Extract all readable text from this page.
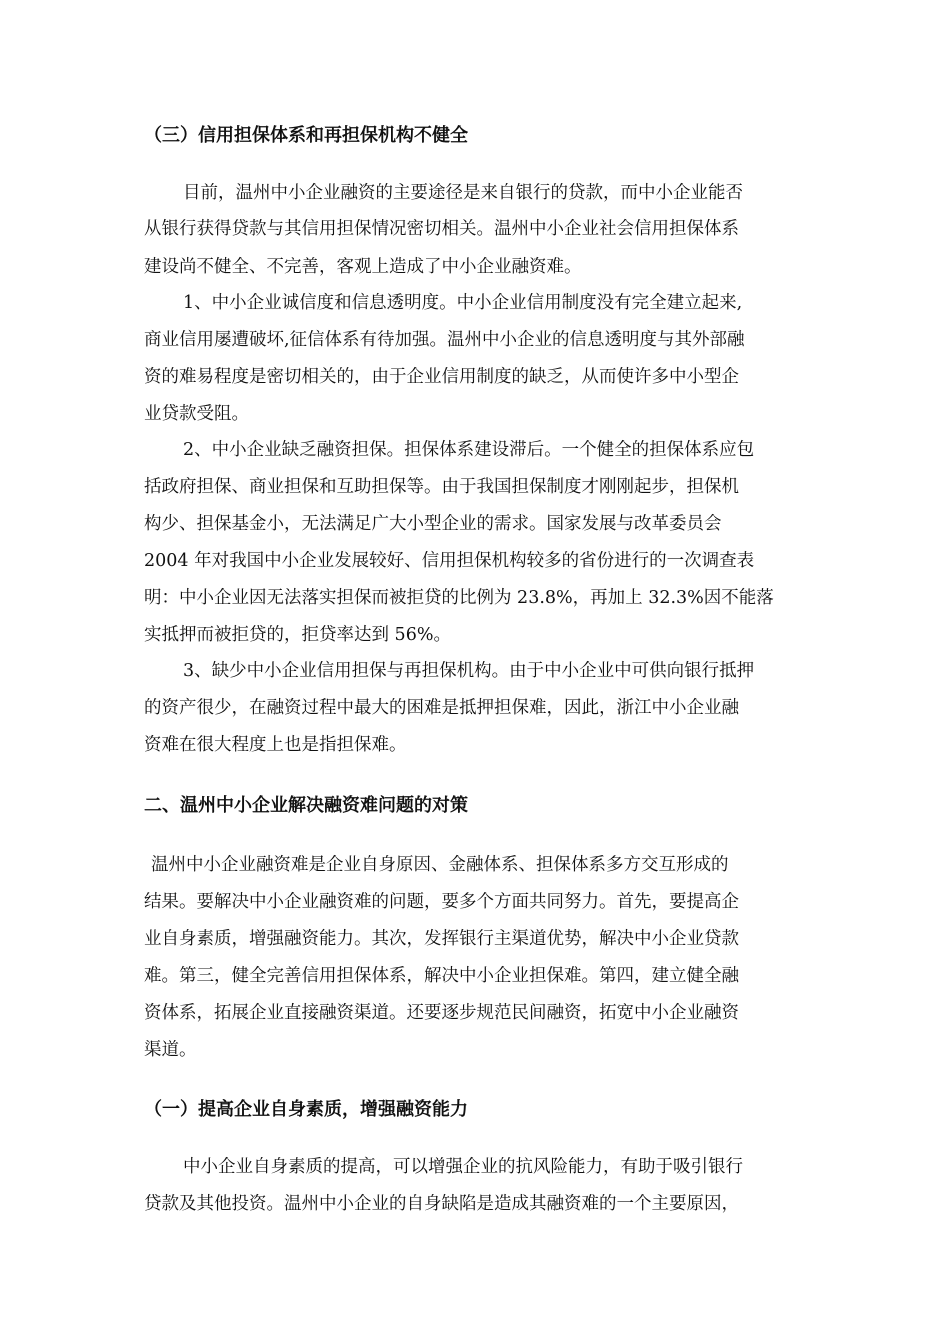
（三）信用担保体系和再担保机构不健全

目前，温州中小企业融资的主要途径是来自银行的贷款，而中小企业能否

从银行获得贷款与其信用担保情况密切相关。温州中小企业社会信用担保体系

建设尚不健全、不完善，客观上造成了中小企业融资难。

1、中小企业诚信度和信息透明度。中小企业信用制度没有完全建立起来,

商业信用屡遭破坏,征信体系有待加强。温州中小企业的信息透明度与其外部融

资的难易程度是密切相关的，由于企业信用制度的缺乏，从而使许多中小型企

业贷款受阻。

2、中小企业缺乏融资担保。担保体系建设滞后。一个健全的担保体系应包

括政府担保、商业担保和互助担保等。由于我国担保制度才刚刚起步，担保机

构少、担保基金小，无法满足广大小型企业的需求。国家发展与改革委员会

2004 年对我国中小企业发展较好、信用担保机构较多的省份进行的一次调查表

明：中小企业因无法落实担保而被拒贷的比例为 23.8%，再加上 32.3%因不能落

实抵押而被拒贷的，拒贷率达到 56%。

3、缺少中小企业信用担保与再担保机构。由于中小企业中可供向银行抵押

的资产很少，在融资过程中最大的困难是抵押担保难，因此，浙江中小企业融

资难在很大程度上也是指担保难。

二、温州中小企业解决融资难问题的对策

温州中小企业融资难是企业自身原因、金融体系、担保体系多方交互形成的

结果。要解决中小企业融资难的问题，要多个方面共同努力。首先，要提高企

业自身素质，增强融资能力。其次，发挥银行主渠道优势，解决中小企业贷款

难。第三，健全完善信用担保体系，解决中小企业担保难。第四，建立健全融

资体系，拓展企业直接融资渠道。还要逐步规范民间融资，拓宽中小企业融资

渠道。

（一）提高企业自身素质，增强融资能力

中小企业自身素质的提高，可以增强企业的抗风险能力，有助于吸引银行

贷款及其他投资。温州中小企业的自身缺陷是造成其融资难的一个主要原因，
